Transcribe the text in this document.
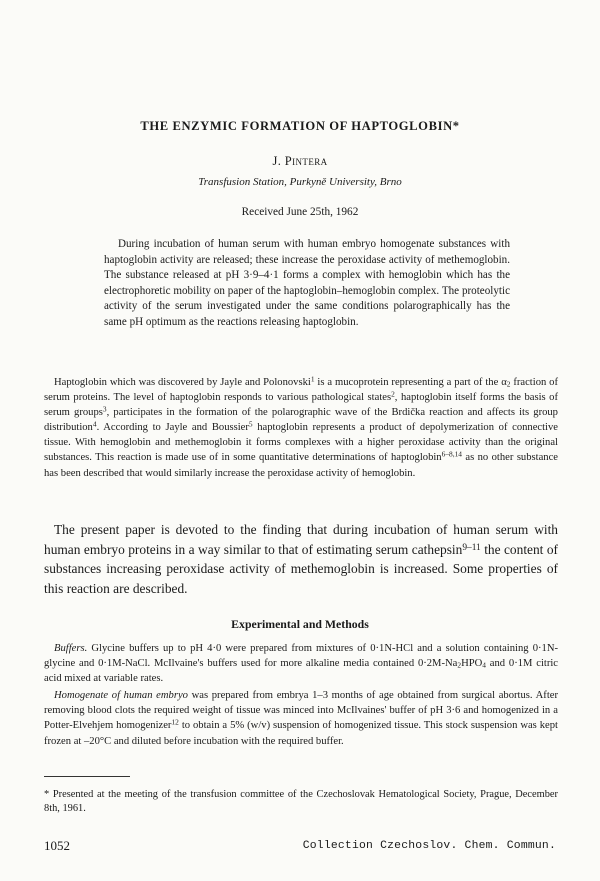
THE ENZYMIC FORMATION OF HAPTOGLOBIN*
J. Pintera
Transfusion Station, Purkyně University, Brno
Received June 25th, 1962
During incubation of human serum with human embryo homogenate substances with haptoglobin activity are released; these increase the peroxidase activity of methemoglobin. The substance released at pH 3·9–4·1 forms a complex with hemoglobin which has the electrophoretic mobility on paper of the haptoglobin–hemoglobin complex. The proteolytic activity of the serum investigated under the same conditions polarographically has the same pH optimum as the reactions releasing haptoglobin.
Haptoglobin which was discovered by Jayle and Polonovski$^1$ is a mucoprotein representing a part of the $\alpha_2$ fraction of serum proteins. The level of haptoglobin responds to various pathological states$^2$, haptoglobin itself forms the basis of serum groups$^3$, participates in the formation of the polarographic wave of the Brdička reaction and affects its group distribution$^4$. According to Jayle and Boussier$^5$ haptoglobin represents a product of depolymerization of connective tissue. With hemoglobin and methemoglobin it forms complexes with a higher peroxidase activity than the original substances. This reaction is made use of in some quantitative determinations of haptoglobin$^{6-8,14}$ as no other substance has been described that would similarly increase the peroxidase activity of hemoglobin.
The present paper is devoted to the finding that during incubation of human serum with human embryo proteins in a way similar to that of estimating serum cathepsin$^{9-11}$ the content of substances increasing peroxidase activity of methemoglobin is increased. Some properties of this reaction are described.
Experimental and Methods

Buffers. Glycine buffers up to pH 4·0 were prepared from mixtures of 0·1N-HCl and a solution containing 0·1N-glycine and 0·1M-NaCl. McIlvaine's buffers used for more alkaline media contained $0\cdot 2M-Na_2HPO_4$ and 0·1M citric acid mixed at variable rates.

Homogenate of human embryo was prepared from embrya 1–3 months of age obtained from surgical abortus. After removing blood clots the required weight of tissue was minced into McIlvaines' buffer of pH 3·6 and homogenized in a Potter-Elvehjem homogenizer$^{12}$ to obtain a 5% (w/v) suspension of homogenized tissue. This stock suspension was kept frozen at –20°C and diluted before incubation with the required buffer.

* Presented at the meeting of the transfusion committee of the Czechoslovak Hematological Society, Prague, December 8th, 1961.
1052	Collection Czechoslov. Chem. Commun.
